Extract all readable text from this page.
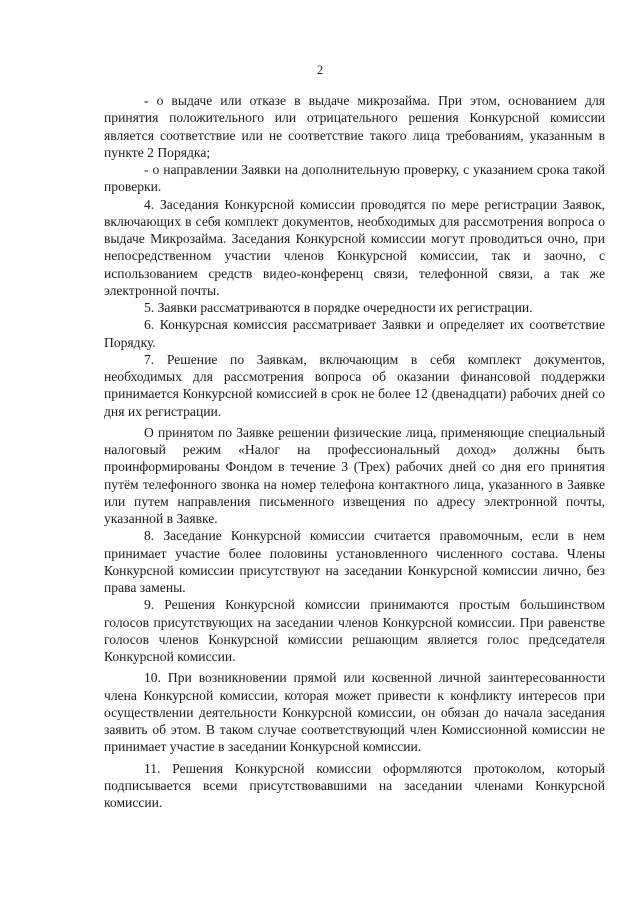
2

- о выдаче или отказе в выдаче микрозайма. При этом, основанием для принятия положительного или отрицательного решения Конкурсной комиссии является соответствие или не соответствие такого лица требованиям, указанным в пункте 2 Порядка;

- о направлении Заявки на дополнительную проверку, с указанием срока такой проверки.

4. Заседания Конкурсной комиссии проводятся по мере регистрации Заявок, включающих в себя комплект документов, необходимых для рассмотрения вопроса о выдаче Микрозайма. Заседания Конкурсной комиссии могут проводиться очно, при непосредственном участии членов Конкурсной комиссии, так и заочно, с использованием средств видео-конференц связи, телефонной связи, а так же электронной почты.

5. Заявки рассматриваются в порядке очередности их регистрации.

6. Конкурсная комиссия рассматривает Заявки и определяет их соответствие Порядку.

7. Решение по Заявкам, включающим в себя комплект документов, необходимых для рассмотрения вопроса об оказании финансовой поддержки принимается Конкурсной комиссией в срок не более 12 (двенадцати) рабочих дней со дня их регистрации.

О принятом по Заявке решении физические лица, применяющие специальный налоговый режим «Налог на профессиональный доход» должны быть проинформированы Фондом в течение 3 (Трех) рабочих дней со дня его принятия путём телефонного звонка на номер телефона контактного лица, указанного в Заявке или путем направления письменного извещения по адресу электронной почты, указанной в Заявке.

8. Заседание Конкурсной комиссии считается правомочным, если в нем принимает участие более половины установленного численного состава. Члены Конкурсной комиссии присутствуют на заседании Конкурсной комиссии лично, без права замены.

9. Решения Конкурсной комиссии принимаются простым большинством голосов присутствующих на заседании членов Конкурсной комиссии. При равенстве голосов членов Конкурсной комиссии решающим является голос председателя Конкурсной комиссии.

10. При возникновении прямой или косвенной личной заинтересованности члена Конкурсной комиссии, которая может привести к конфликту интересов при осуществлении деятельности Конкурсной комиссии, он обязан до начала заседания заявить об этом. В таком случае соответствующий член Комиссионной комиссии не принимает участие в заседании Конкурсной комиссии.

11. Решения Конкурсной комиссии оформляются протоколом, который подписывается всеми присутствовавшими на заседании членами Конкурсной комиссии.
